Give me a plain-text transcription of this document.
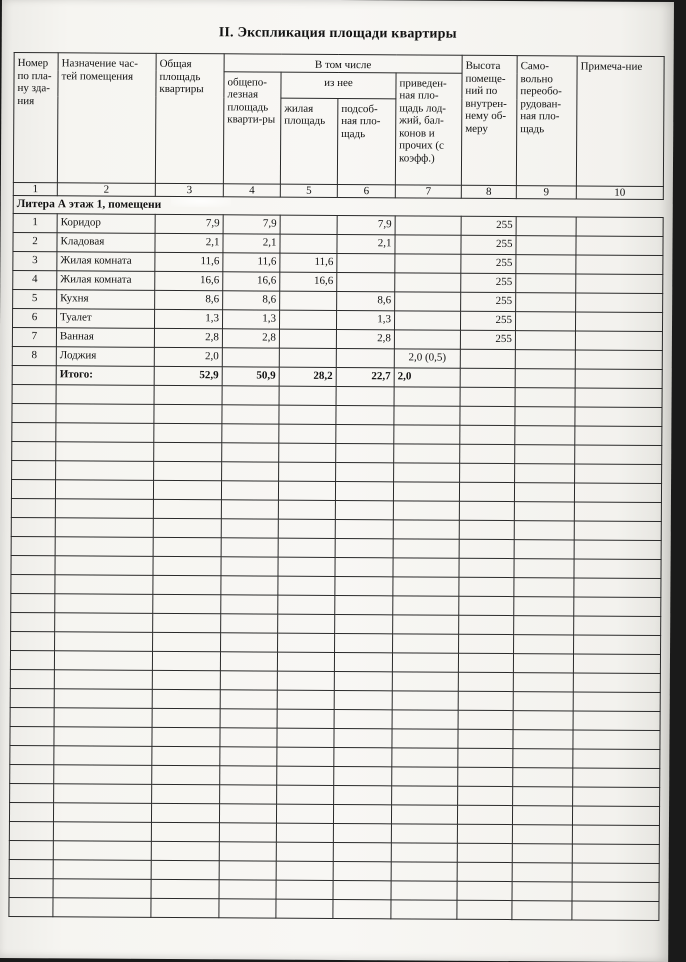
II. Экспликация площади квартиры
Номер по пла-ну зда-ния	Назначение час-тей помещения	Общая площадь квартиры	В том числе				Высота помеще-ний по внутрен-нему об-меру	Само-вольно переобо-рудован-ная пло-щадь	Примеча-ние
			общепо-лезная площадь кварти-ры	из нее		приведен-ная пло-щадь лод-жий, бал-конов и прочих (с коэфф.)			
				жилая площадь	подсоб-ная пло-щадь				
1	2	3	4	5	6	7	8	9	10
Литера А этаж 1, помещени									
1	Коридор	7,9	7,9		7,9		255		
2	Кладовая	2,1	2,1		2,1		255		
3	Жилая комната	11,6	11,6	11,6			255		
4	Жилая комната	16,6	16,6	16,6			255		
5	Кухня	8,6	8,6		8,6		255		
6	Туалет	1,3	1,3		1,3		255		
7	Ванная	2,8	2,8		2,8		255		
8	Лоджия	2,0				2,0 (0,5)			
	Итого:	52,9	50,9	28,2	22,7	2,0			
